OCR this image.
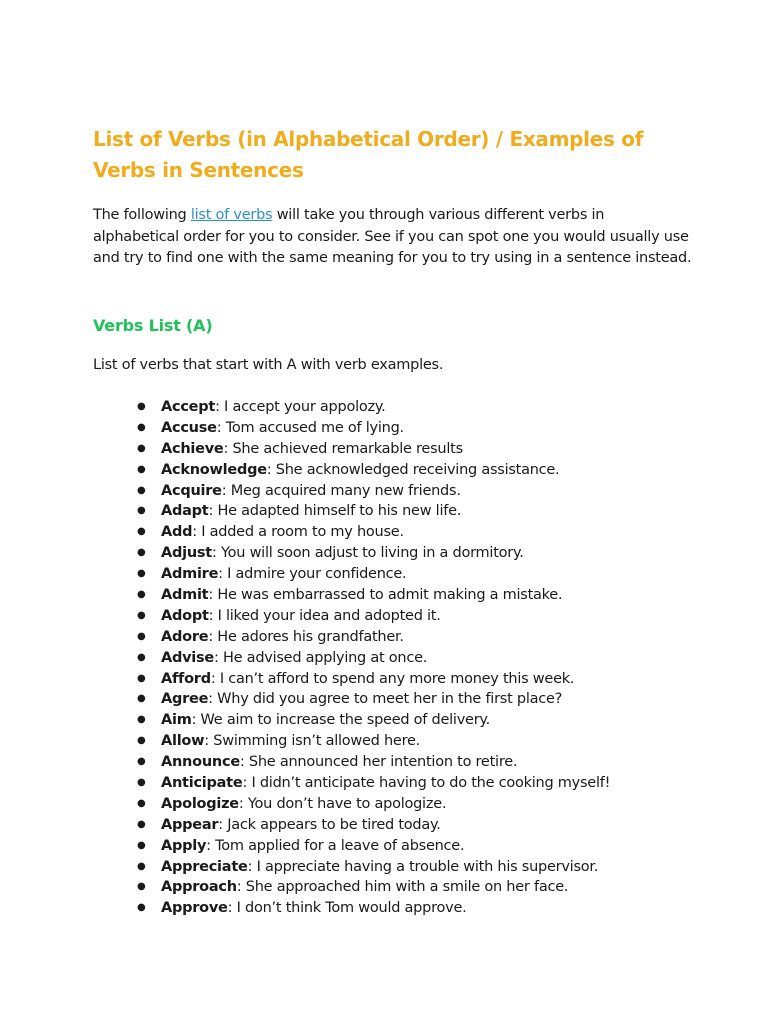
List of Verbs (in Alphabetical Order) / Examples of Verbs in Sentences

The following list of verbs will take you through various different verbs in alphabetical order for you to consider. See if you can spot one you would usually use and try to find one with the same meaning for you to try using in a sentence instead.

Verbs List (A)

List of verbs that start with A with verb examples.

● Accept: I accept your appolozy.
● Accuse: Tom accused me of lying.
● Achieve: She achieved remarkable results
● Acknowledge: She acknowledged receiving assistance.
● Acquire: Meg acquired many new friends.
● Adapt: He adapted himself to his new life.
● Add: I added a room to my house.
● Adjust: You will soon adjust to living in a dormitory.
● Admire: I admire your confidence.
● Admit: He was embarrassed to admit making a mistake.
● Adopt: I liked your idea and adopted it.
● Adore: He adores his grandfather.
● Advise: He advised applying at once.
● Afford: I can’t afford to spend any more money this week.
● Agree: Why did you agree to meet her in the first place?
● Aim: We aim to increase the speed of delivery.
● Allow: Swimming isn’t allowed here.
● Announce: She announced her intention to retire.
● Anticipate: I didn’t anticipate having to do the cooking myself!
● Apologize: You don’t have to apologize.
● Appear: Jack appears to be tired today.
● Apply: Tom applied for a leave of absence.
● Appreciate: I appreciate having a trouble with his supervisor.
● Approach: She approached him with a smile on her face.
● Approve: I don’t think Tom would approve.
